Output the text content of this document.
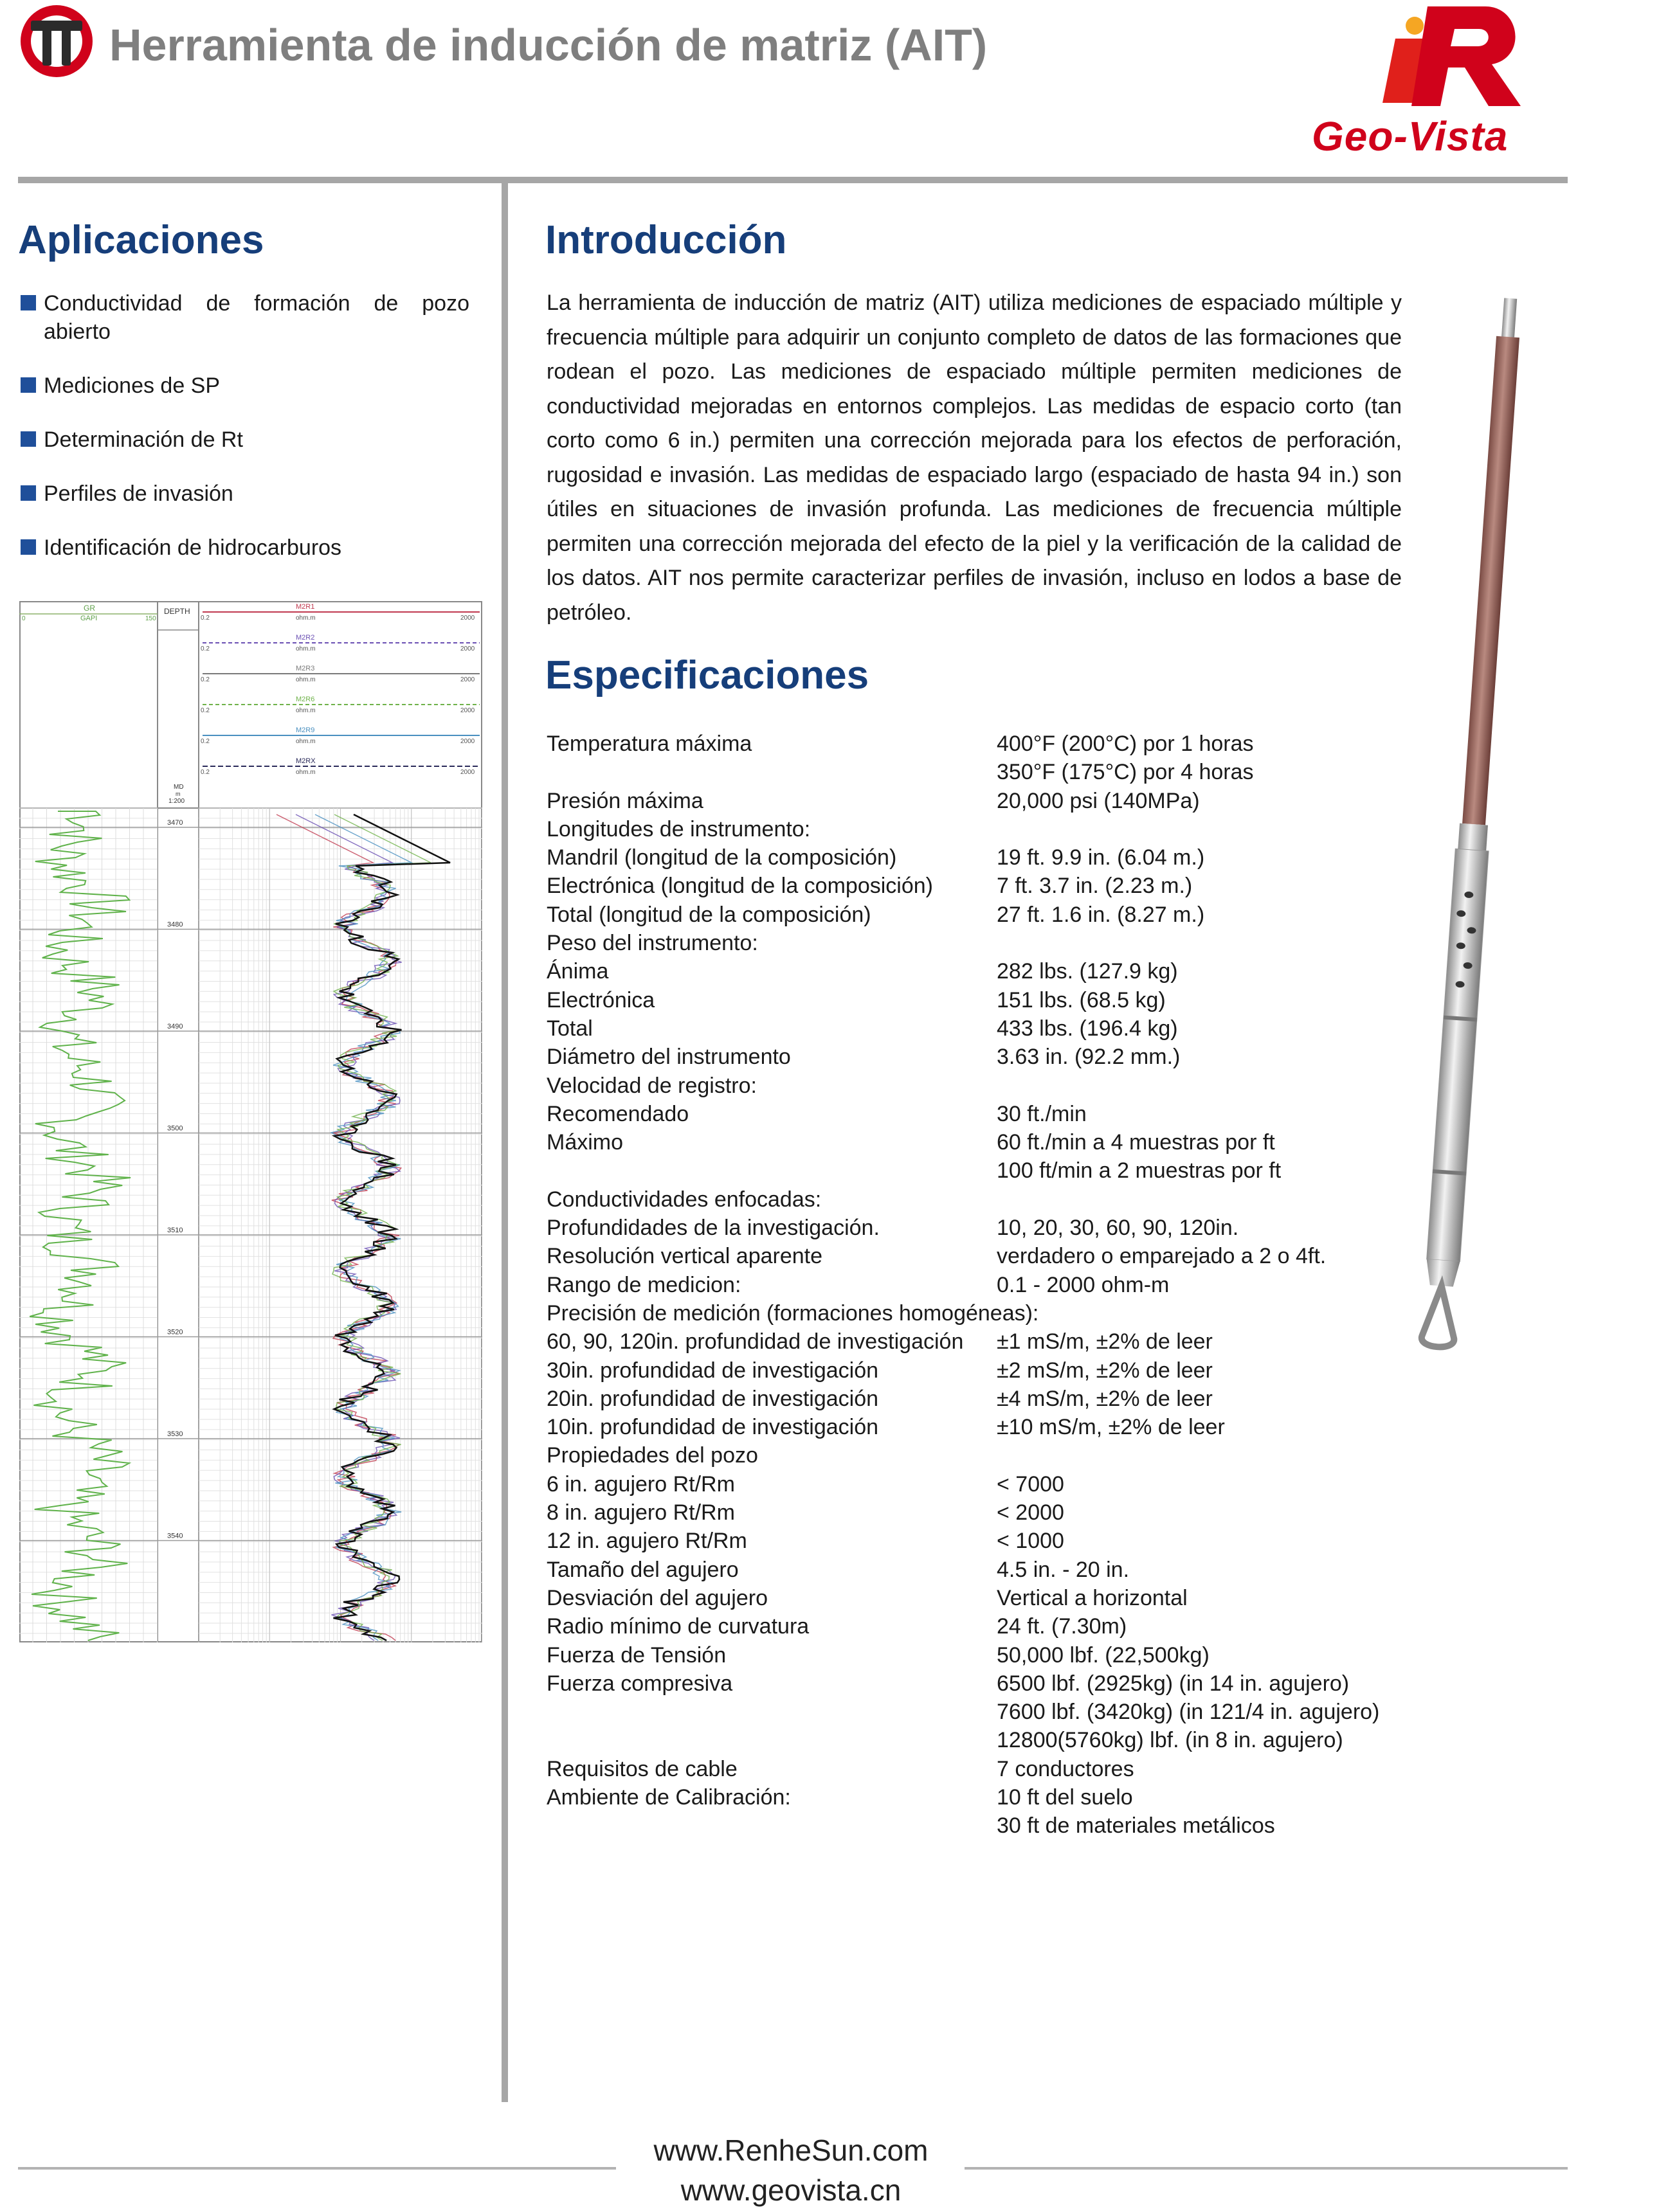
Herramienta de inducción de matriz (AIT)
Geo-Vista
Aplicaciones
Conductividad de formación de pozo abierto
Mediciones de SP
Determinación de Rt
Perfiles de invasión
Identificación de hidrocarburos
GR
GAPI
0	150
DEPTH
MD
m
1:200
M2R1
0.2	ohm.m	2000
M2R2
0.2	ohm.m	2000
M2R3
0.2	ohm.m	2000
M2R6
0.2	ohm.m	2000
M2R9
0.2	ohm.m	2000
M2RX
0.2	ohm.m	2000
3470
3480
3490
3500
3510
3520
3530
3540
Introducción

La herramienta de inducción de matriz (AIT) utiliza mediciones de espaciado múltiple y frecuencia múltiple para adquirir un conjunto completo de datos de las formaciones que rodean el pozo. Las mediciones de espaciado múltiple permiten mediciones de conductividad mejoradas en entornos complejos. Las medidas de espacio corto (tan corto como 6 in.) permiten una corrección mejorada para los efectos de perforación, rugosidad e invasión. Las medidas de espaciado largo (espaciado de hasta 94 in.) son útiles en situaciones de invasión profunda. Las mediciones de frecuencia múltiple permiten una corrección mejorada del efecto de la piel y la verificación de la calidad de los datos. AIT nos permite caracterizar perfiles de invasión, incluso en lodos a base de petróleo.

Especificaciones
Temperatura máxima	400°F (200°C) por 1 horas
350°F (175°C) por 4 horas
Presión máxima	20,000 psi (140MPa)
Longitudes de instrumento:
Mandril (longitud de la composición)	19 ft. 9.9 in. (6.04 m.)
Electrónica (longitud de la composición)	7 ft. 3.7 in. (2.23 m.)
Total (longitud de la composición)	27 ft. 1.6 in. (8.27 m.)
Peso del instrumento:
Ánima	282 lbs. (127.9 kg)
Electrónica	151 lbs. (68.5 kg)
Total	433 lbs. (196.4 kg)
Diámetro del instrumento	3.63 in. (92.2 mm.)
Velocidad de registro:
Recomendado	30 ft./min
Máximo	60 ft./min a 4 muestras por ft
100 ft/min a 2 muestras por ft
Conductividades enfocadas:
Profundidades de la investigación.	10, 20, 30, 60, 90, 120in.
Resolución vertical aparente	verdadero o emparejado a 2 o 4ft.
Rango de medicion:	0.1 - 2000 ohm-m
Precisión de medición (formaciones homogéneas):
60, 90, 120in. profundidad de investigación ±1 mS/m, ±2% de leer
30in. profundidad de investigación	±2 mS/m, ±2% de leer
20in. profundidad de investigación	±4 mS/m, ±2% de leer
10in. profundidad de investigación	±10 mS/m, ±2% de leer
Propiedades del pozo
6 in. agujero Rt/Rm	< 7000
8 in. agujero Rt/Rm	< 2000
12 in. agujero Rt/Rm	< 1000
Tamaño del agujero	4.5 in. - 20 in.
Desviación del agujero	Vertical a horizontal
Radio mínimo de curvatura	24 ft. (7.30m)
Fuerza de Tensión	50,000 lbf. (22,500kg)
Fuerza compresiva	6500 lbf. (2925kg) (in 14 in. agujero)
7600 lbf. (3420kg) (in 121/4 in. agujero)
12800(5760kg) lbf. (in 8 in. agujero)
Requisitos de cable	7 conductores
Ambiente de Calibración:	10 ft del suelo
30 ft de materiales metálicos
www.RenheSun.com
www.geovista.cn
